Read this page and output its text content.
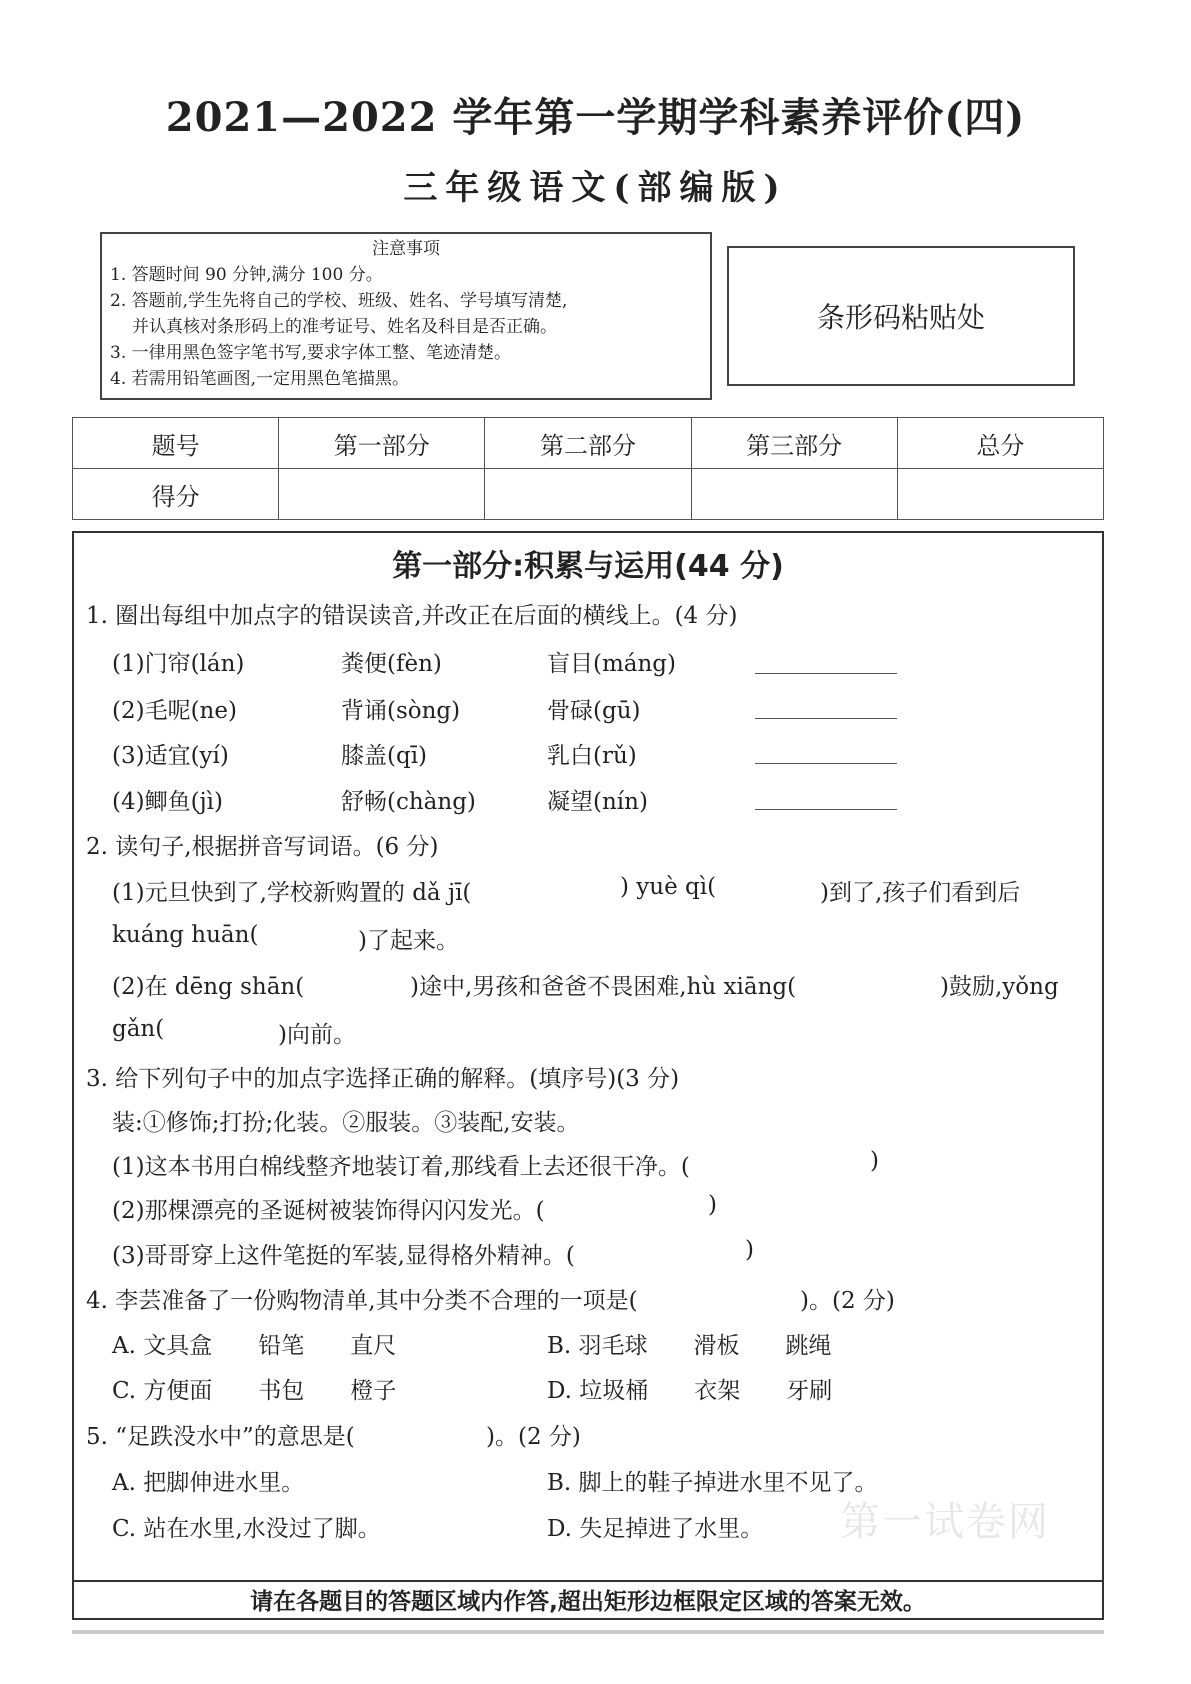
2021—2022 学年第一学期学科素养评价(四)
三年级语文(部编版)
注意事项
1. 答题时间 90 分钟,满分 100 分。
2. 答题前,学生先将自己的学校、班级、姓名、学号填写清楚,
并认真核对条形码上的准考证号、姓名及科目是否正确。
3. 一律用黑色签字笔书写,要求字体工整、笔迹清楚。
4. 若需用铅笔画图,一定用黑色笔描黑。
条形码粘贴处
题号	第一部分	第二部分	第三部分	总分
得分				
第一部分:积累与运用(44 分)
1. 圈出每组中加点字的错误读音,并改正在后面的横线上。(4 分)
(1)门帘(lán)	粪便(fèn)	盲目(máng)
(2)毛呢(ne)	背诵(sòng)	骨碌(gū)
(3)适宜(yí)	膝盖(qī)	乳白(rǔ)
(4)鲫鱼(jì)	舒畅(chàng)	凝望(nín)
2. 读句子,根据拼音写词语。(6 分)
(1)元旦快到了,学校新购置的 dǎ jī(	) yuè qì(	)到了,孩子们看到后
kuáng huān(	)了起来。
(2)在 dēng shān(	)途中,男孩和爸爸不畏困难,hù xiāng(	)鼓励,yǒng
gǎn(	)向前。
3. 给下列句子中的加点字选择正确的解释。(填序号)(3 分)
装:①修饰;打扮;化装。②服装。③装配,安装。
(1)这本书用白棉线整齐地装订着,那线看上去还很干净。(	)
(2)那棵漂亮的圣诞树被装饰得闪闪发光。(	)
(3)哥哥穿上这件笔挺的军装,显得格外精神。(	)
4. 李芸准备了一份购物清单,其中分类不合理的一项是(	)。(2 分)
A. 文具盒　　铅笔　　直尺	B. 羽毛球　　滑板　　跳绳
C. 方便面　　书包　　橙子	D. 垃圾桶　　衣架　　牙刷
5. “足跌没水中”的意思是(	)。(2 分)
A. 把脚伸进水里。	B. 脚上的鞋子掉进水里不见了。
C. 站在水里,水没过了脚。	D. 失足掉进了水里。 第一试卷网
请在各题目的答题区域内作答,超出矩形边框限定区域的答案无效。
